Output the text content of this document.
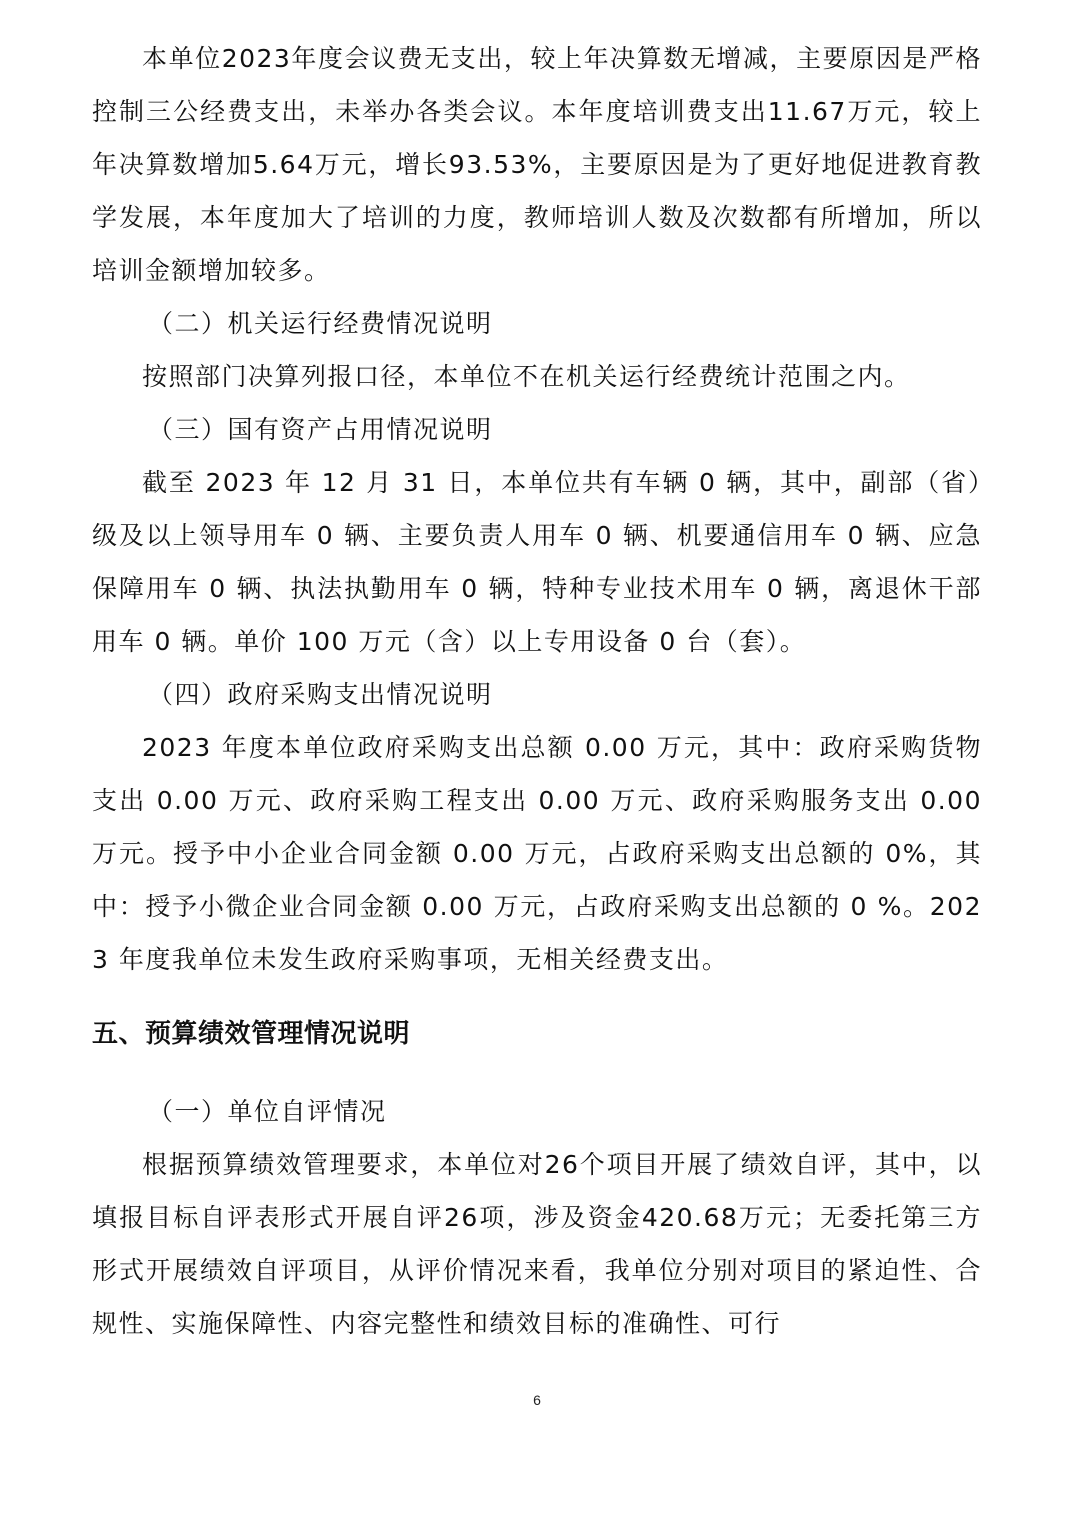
本单位2023年度会议费无支出，较上年决算数无增减，主要原因是严格控制三公经费支出，未举办各类会议。本年度培训费支出11.67万元，较上年决算数增加5.64万元，增长93.53%，主要原因是为了更好地促进教育教学发展，本年度加大了培训的力度，教师培训人数及次数都有所增加，所以培训金额增加较多。

（二）机关运行经费情况说明

按照部门决算列报口径，本单位不在机关运行经费统计范围之内。

（三）国有资产占用情况说明

截至 2023 年 12 月 31 日，本单位共有车辆 0 辆，其中，副部（省）级及以上领导用车 0 辆、主要负责人用车 0 辆、机要通信用车 0 辆、应急保障用车 0 辆、执法执勤用车 0 辆，特种专业技术用车 0 辆，离退休干部用车 0 辆。单价 100 万元（含）以上专用设备 0 台（套）。

（四）政府采购支出情况说明

2023 年度本单位政府采购支出总额 0.00 万元，其中：政府采购货物支出 0.00 万元、政府采购工程支出 0.00 万元、政府采购服务支出 0.00 万元。授予中小企业合同金额 0.00 万元，占政府采购支出总额的 0%，其中：授予小微企业合同金额 0.00 万元，占政府采购支出总额的 0 %。2023 年度我单位未发生政府采购事项，无相关经费支出。

五、预算绩效管理情况说明

（一）单位自评情况

根据预算绩效管理要求，本单位对26个项目开展了绩效自评，其中，以填报目标自评表形式开展自评26项，涉及资金420.68万元；无委托第三方形式开展绩效自评项目，从评价情况来看，我单位分别对项目的紧迫性、合规性、实施保障性、内容完整性和绩效目标的准确性、可行

6
